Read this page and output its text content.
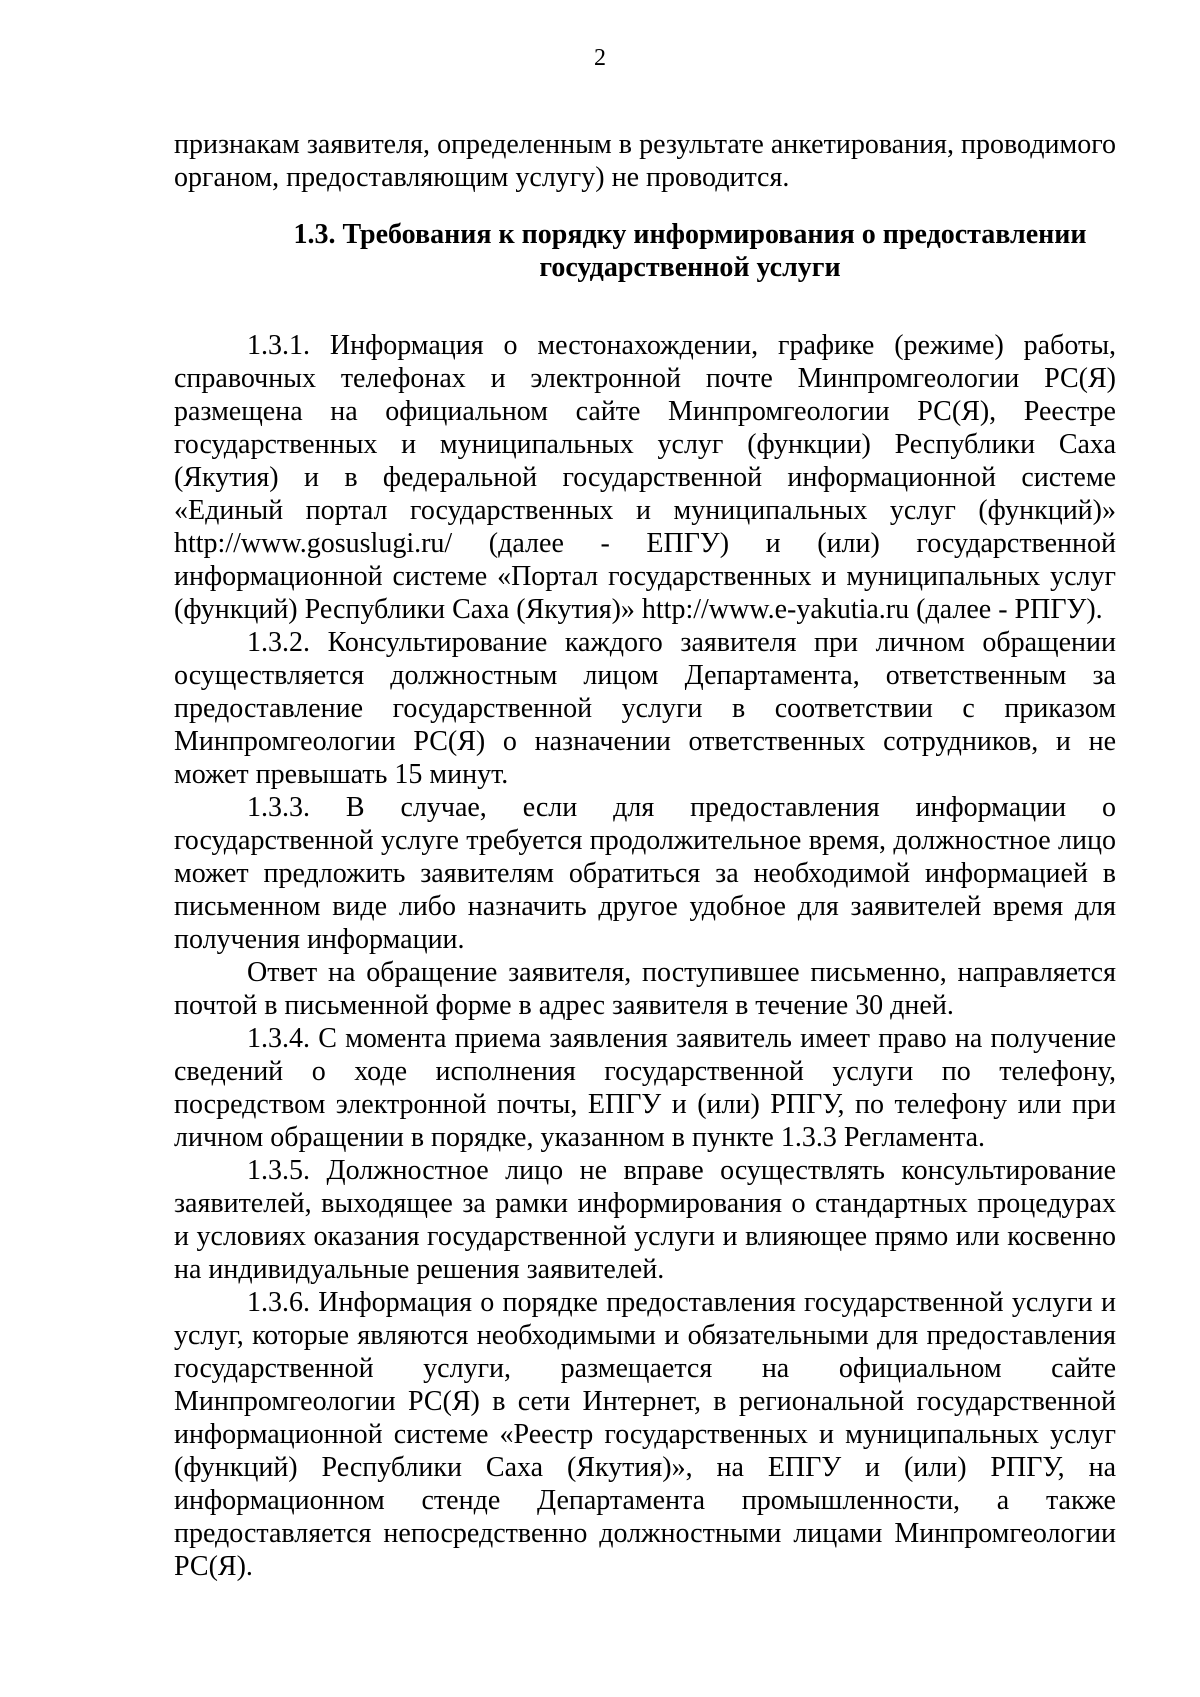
2

признакам заявителя, определенным в результате анкетирования, проводимого органом, предоставляющим услугу) не проводится.

1.3. Требования к порядку информирования о предоставлении
государственной услуги

1.3.1. Информация о местонахождении, графике (режиме) работы, справочных телефонах и электронной почте Минпромгеологии РС(Я) размещена на официальном сайте Минпромгеологии РС(Я), Реестре государственных и муниципальных услуг (функции) Республики Саха (Якутия) и в федеральной государственной информационной системе «Единый портал государственных и муниципальных услуг (функций)» http://www.gosuslugi.ru/ (далее - ЕПГУ) и (или) государственной информационной системе «Портал государственных и муниципальных услуг (функций) Республики Саха (Якутия)» http://www.e-yakutia.ru (далее - РПГУ).

1.3.2. Консультирование каждого заявителя при личном обращении осуществляется должностным лицом Департамента, ответственным за предоставление государственной услуги в соответствии с приказом Минпромгеологии РС(Я) о назначении ответственных сотрудников, и не может превышать 15 минут.

1.3.3. В случае, если для предоставления информации о государственной услуге требуется продолжительное время, должностное лицо может предложить заявителям обратиться за необходимой информацией в письменном виде либо назначить другое удобное для заявителей время для получения информации.

Ответ на обращение заявителя, поступившее письменно, направляется почтой в письменной форме в адрес заявителя в течение 30 дней.

1.3.4. С момента приема заявления заявитель имеет право на получение сведений о ходе исполнения государственной услуги по телефону, посредством электронной почты, ЕПГУ и (или) РПГУ, по телефону или при личном обращении в порядке, указанном в пункте 1.3.3 Регламента.

1.3.5. Должностное лицо не вправе осуществлять консультирование заявителей, выходящее за рамки информирования о стандартных процедурах и условиях оказания государственной услуги и влияющее прямо или косвенно на индивидуальные решения заявителей.

1.3.6. Информация о порядке предоставления государственной услуги и услуг, которые являются необходимыми и обязательными для предоставления государственной услуги, размещается на официальном сайте Минпромгеологии РС(Я) в сети Интернет, в региональной государственной информационной системе «Реестр государственных и муниципальных услуг (функций) Республики Саха (Якутия)», на ЕПГУ и (или) РПГУ, на информационном стенде Департамента промышленности, а также предоставляется непосредственно должностными лицами Минпромгеологии РС(Я).
